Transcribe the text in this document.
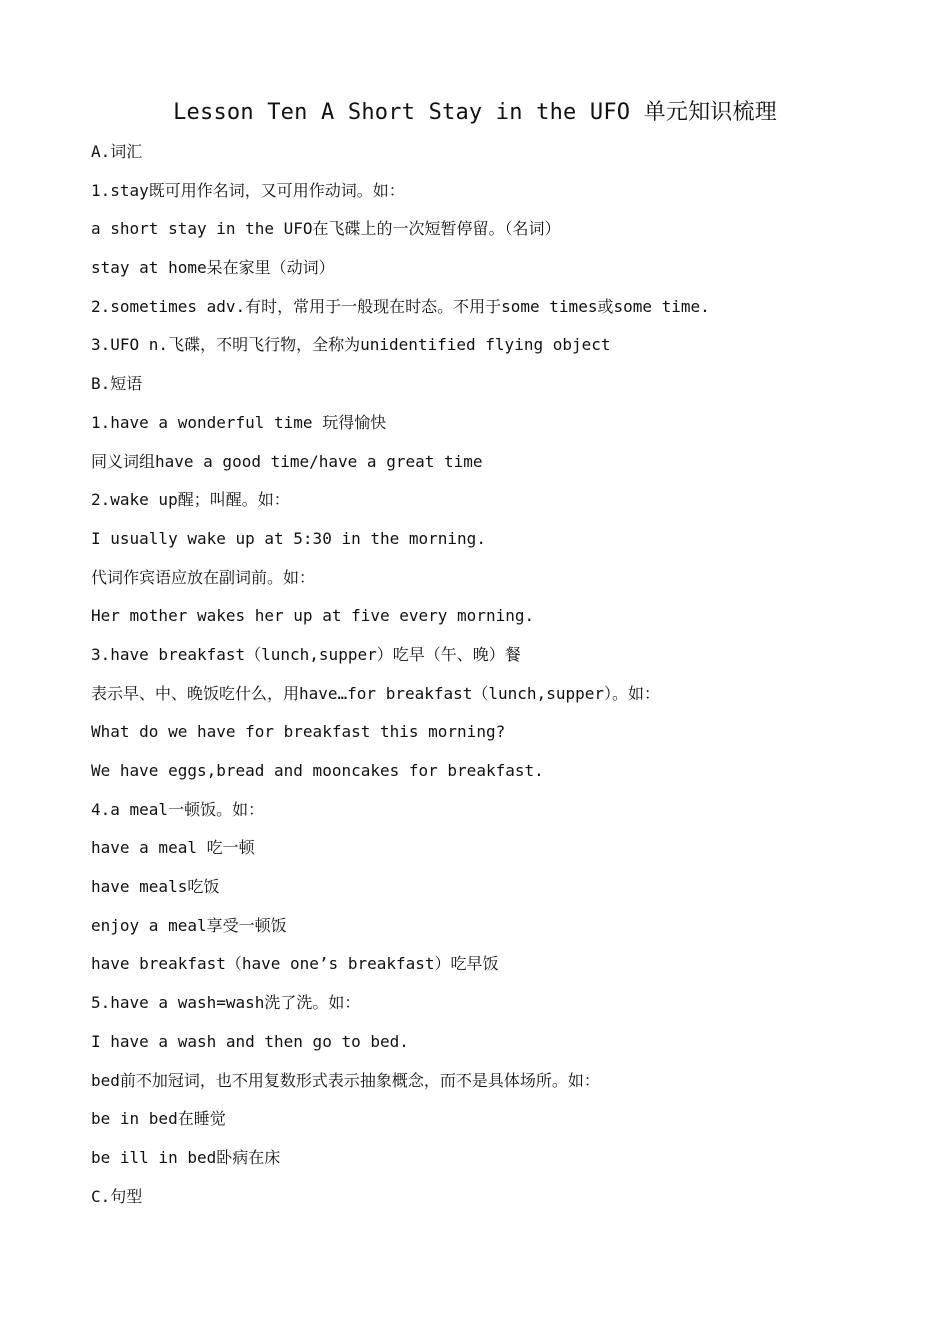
Lesson Ten A Short Stay in the UFO 单元知识梳理
A.词汇
1.stay既可用作名词，又可用作动词。如：
a short stay in the UFO在飞碟上的一次短暂停留。（名词）
stay at home呆在家里（动词）
2.sometimes adv.有时，常用于一般现在时态。不用于some times或some time.
3.UFO n.飞碟，不明飞行物，全称为unidentified flying object
B.短语
1.have a wonderful time 玩得愉快
同义词组have a good time/have a great time
2.wake up醒；叫醒。如：
I usually wake up at 5:30 in the morning.
代词作宾语应放在副词前。如：
Her mother wakes her up at five every morning.
3.have breakfast（lunch,supper）吃早（午、晚）餐
表示早、中、晚饭吃什么，用have…for breakfast（lunch,supper）。如：
What do we have for breakfast this morning?
We have eggs,bread and mooncakes for breakfast.
4.a meal一顿饭。如：
have a meal 吃一顿
have meals吃饭
enjoy a meal享受一顿饭
have breakfast（have one’s breakfast）吃早饭
5.have a wash=wash洗了洗。如：
I have a wash and then go to bed.
bed前不加冠词，也不用复数形式表示抽象概念，而不是具体场所。如：
be in bed在睡觉
be ill in bed卧病在床
C.句型
